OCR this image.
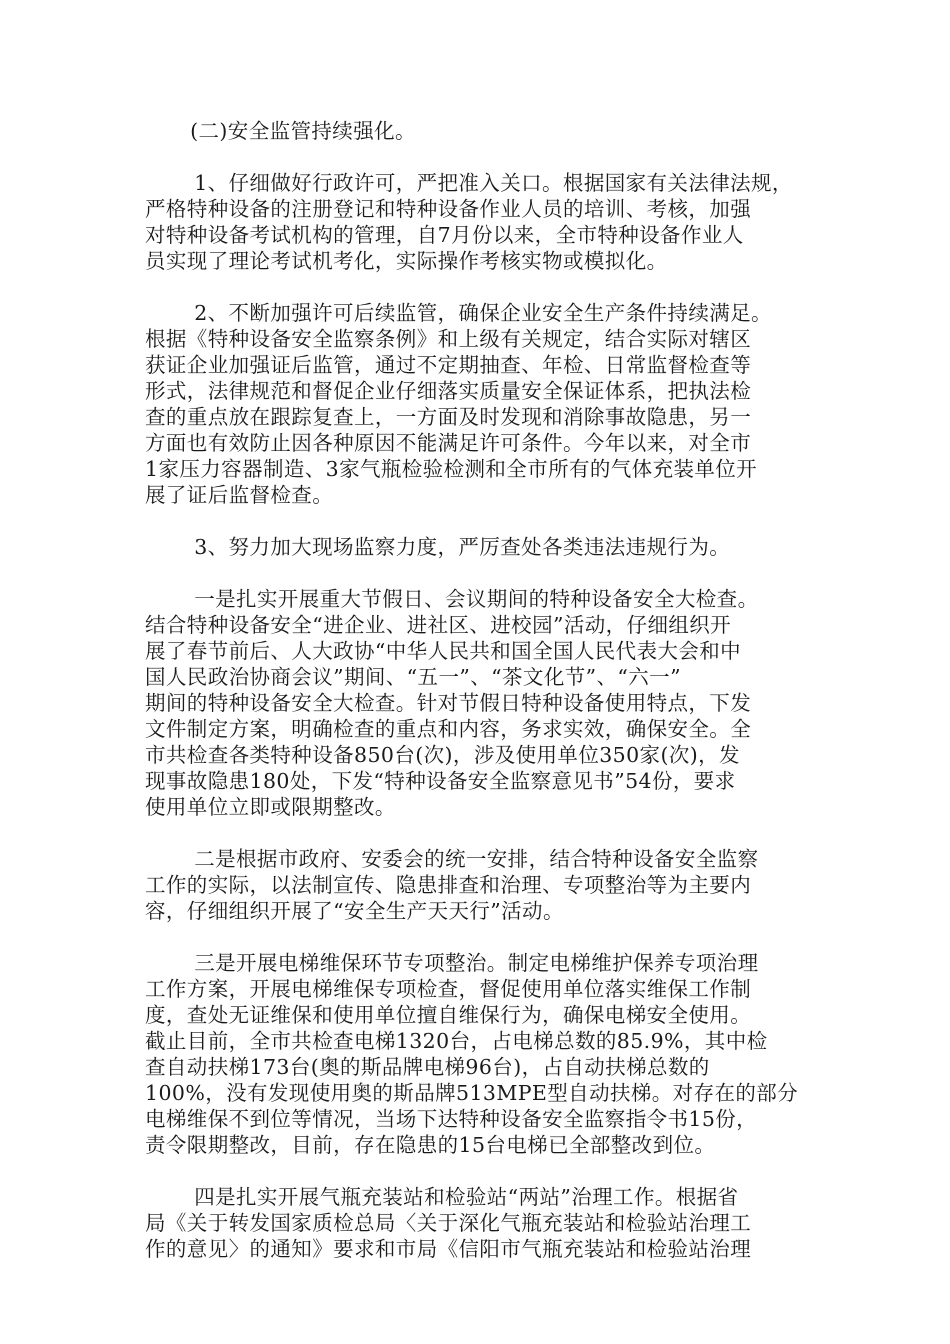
(二)安全监管持续强化。

1、仔细做好行政许可，严把准入关口。根据国家有关法律法规，
严格特种设备的注册登记和特种设备作业人员的培训、考核，加强
对特种设备考试机构的管理，自7月份以来，全市特种设备作业人
员实现了理论考试机考化，实际操作考核实物或模拟化。

2、不断加强许可后续监管，确保企业安全生产条件持续满足。
根据《特种设备安全监察条例》和上级有关规定，结合实际对辖区
获证企业加强证后监管，通过不定期抽查、年检、日常监督检查等
形式，法律规范和督促企业仔细落实质量安全保证体系，把执法检
查的重点放在跟踪复查上，一方面及时发现和消除事故隐患，另一
方面也有效防止因各种原因不能满足许可条件。今年以来，对全市
1家压力容器制造、3家气瓶检验检测和全市所有的气体充装单位开
展了证后监督检查。

3、努力加大现场监察力度，严厉查处各类违法违规行为。

一是扎实开展重大节假日、会议期间的特种设备安全大检查。
结合特种设备安全“进企业、进社区、进校园”活动，仔细组织开
展了春节前后、人大政协“中华人民共和国全国人民代表大会和中
国人民政治协商会议”期间、“五一”、“茶文化节”、“六一”
期间的特种设备安全大检查。针对节假日特种设备使用特点，下发
文件制定方案，明确检查的重点和内容，务求实效，确保安全。全
市共检查各类特种设备850台(次)，涉及使用单位350家(次)，发
现事故隐患180处，下发“特种设备安全监察意见书”54份，要求
使用单位立即或限期整改。

二是根据市政府、安委会的统一安排，结合特种设备安全监察
工作的实际，以法制宣传、隐患排查和治理、专项整治等为主要内
容，仔细组织开展了“安全生产天天行”活动。

三是开展电梯维保环节专项整治。制定电梯维护保养专项治理
工作方案，开展电梯维保专项检查，督促使用单位落实维保工作制
度，查处无证维保和使用单位擅自维保行为，确保电梯安全使用。
截止目前，全市共检查电梯1320台，占电梯总数的85.9%，其中检
查自动扶梯173台(奥的斯品牌电梯96台)，占自动扶梯总数的
100%，没有发现使用奥的斯品牌513MPE型自动扶梯。对存在的部分
电梯维保不到位等情况，当场下达特种设备安全监察指令书15份，
责令限期整改，目前，存在隐患的15台电梯已全部整改到位。

四是扎实开展气瓶充装站和检验站“两站”治理工作。根据省
局《关于转发国家质检总局〈关于深化气瓶充装站和检验站治理工
作的意见〉的通知》要求和市局《信阳市气瓶充装站和检验站治理
